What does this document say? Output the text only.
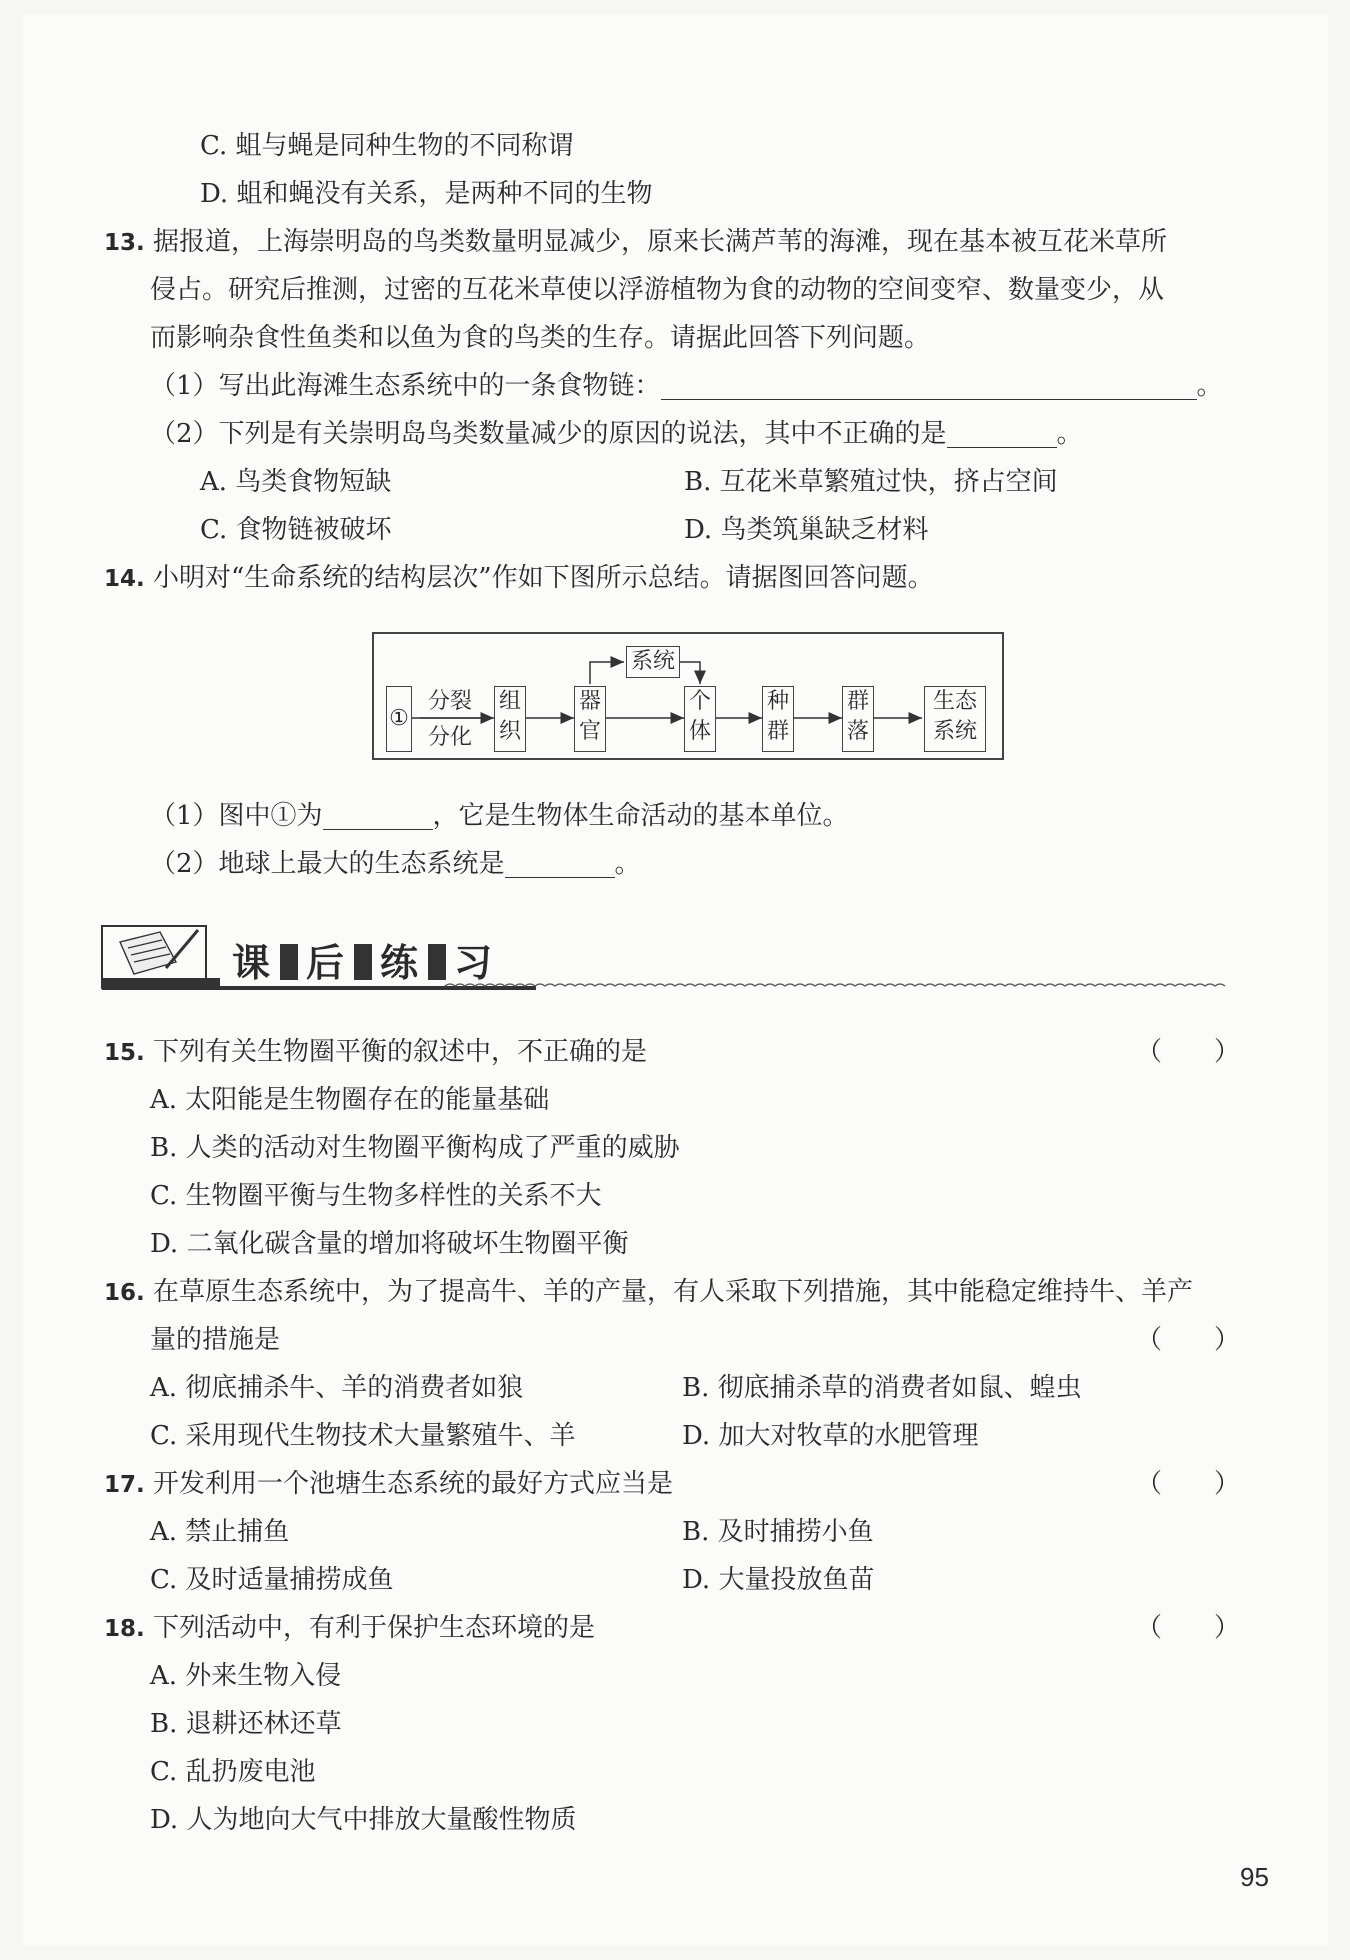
C. 蛆与蝇是同种生物的不同称谓
D. 蛆和蝇没有关系，是两种不同的生物
13. 据报道，上海崇明岛的鸟类数量明显减少，原来长满芦苇的海滩，现在基本被互花米草所
侵占。研究后推测，过密的互花米草使以浮游植物为食的动物的空间变窄、数量变少，从
而影响杂食性鱼类和以鱼为食的鸟类的生存。请据此回答下列问题。
（1）写出此海滩生态系统中的一条食物链：	。
（2）下列是有关崇明岛鸟类数量减少的原因的说法，其中不正确的是	。
A. 鸟类食物短缺	B. 互花米草繁殖过快，挤占空间
C. 食物链被破坏	D. 鸟类筑巢缺乏材料
14. 小明对“生命系统的结构层次”作如下图所示总结。请据图回答问题。
①
分裂
分化
组
织
器
官
系统
个
体
种
群
群
落
生态
系统
（1）图中①为	，它是生物体生命活动的基本单位。
（2）地球上最大的生态系统是	。
课 后 练 习
15. 下列有关生物圈平衡的叙述中，不正确的是	（　　）
A. 太阳能是生物圈存在的能量基础
B. 人类的活动对生物圈平衡构成了严重的威胁
C. 生物圈平衡与生物多样性的关系不大
D. 二氧化碳含量的增加将破坏生物圈平衡
16. 在草原生态系统中，为了提高牛、羊的产量，有人采取下列措施，其中能稳定维持牛、羊产
量的措施是	（　　）
A. 彻底捕杀牛、羊的消费者如狼	B. 彻底捕杀草的消费者如鼠、蝗虫
C. 采用现代生物技术大量繁殖牛、羊	D. 加大对牧草的水肥管理
17. 开发利用一个池塘生态系统的最好方式应当是	（　　）
A. 禁止捕鱼	B. 及时捕捞小鱼
C. 及时适量捕捞成鱼	D. 大量投放鱼苗
18. 下列活动中，有利于保护生态环境的是	（　　）
A. 外来生物入侵
B. 退耕还林还草
C. 乱扔废电池
D. 人为地向大气中排放大量酸性物质
95
